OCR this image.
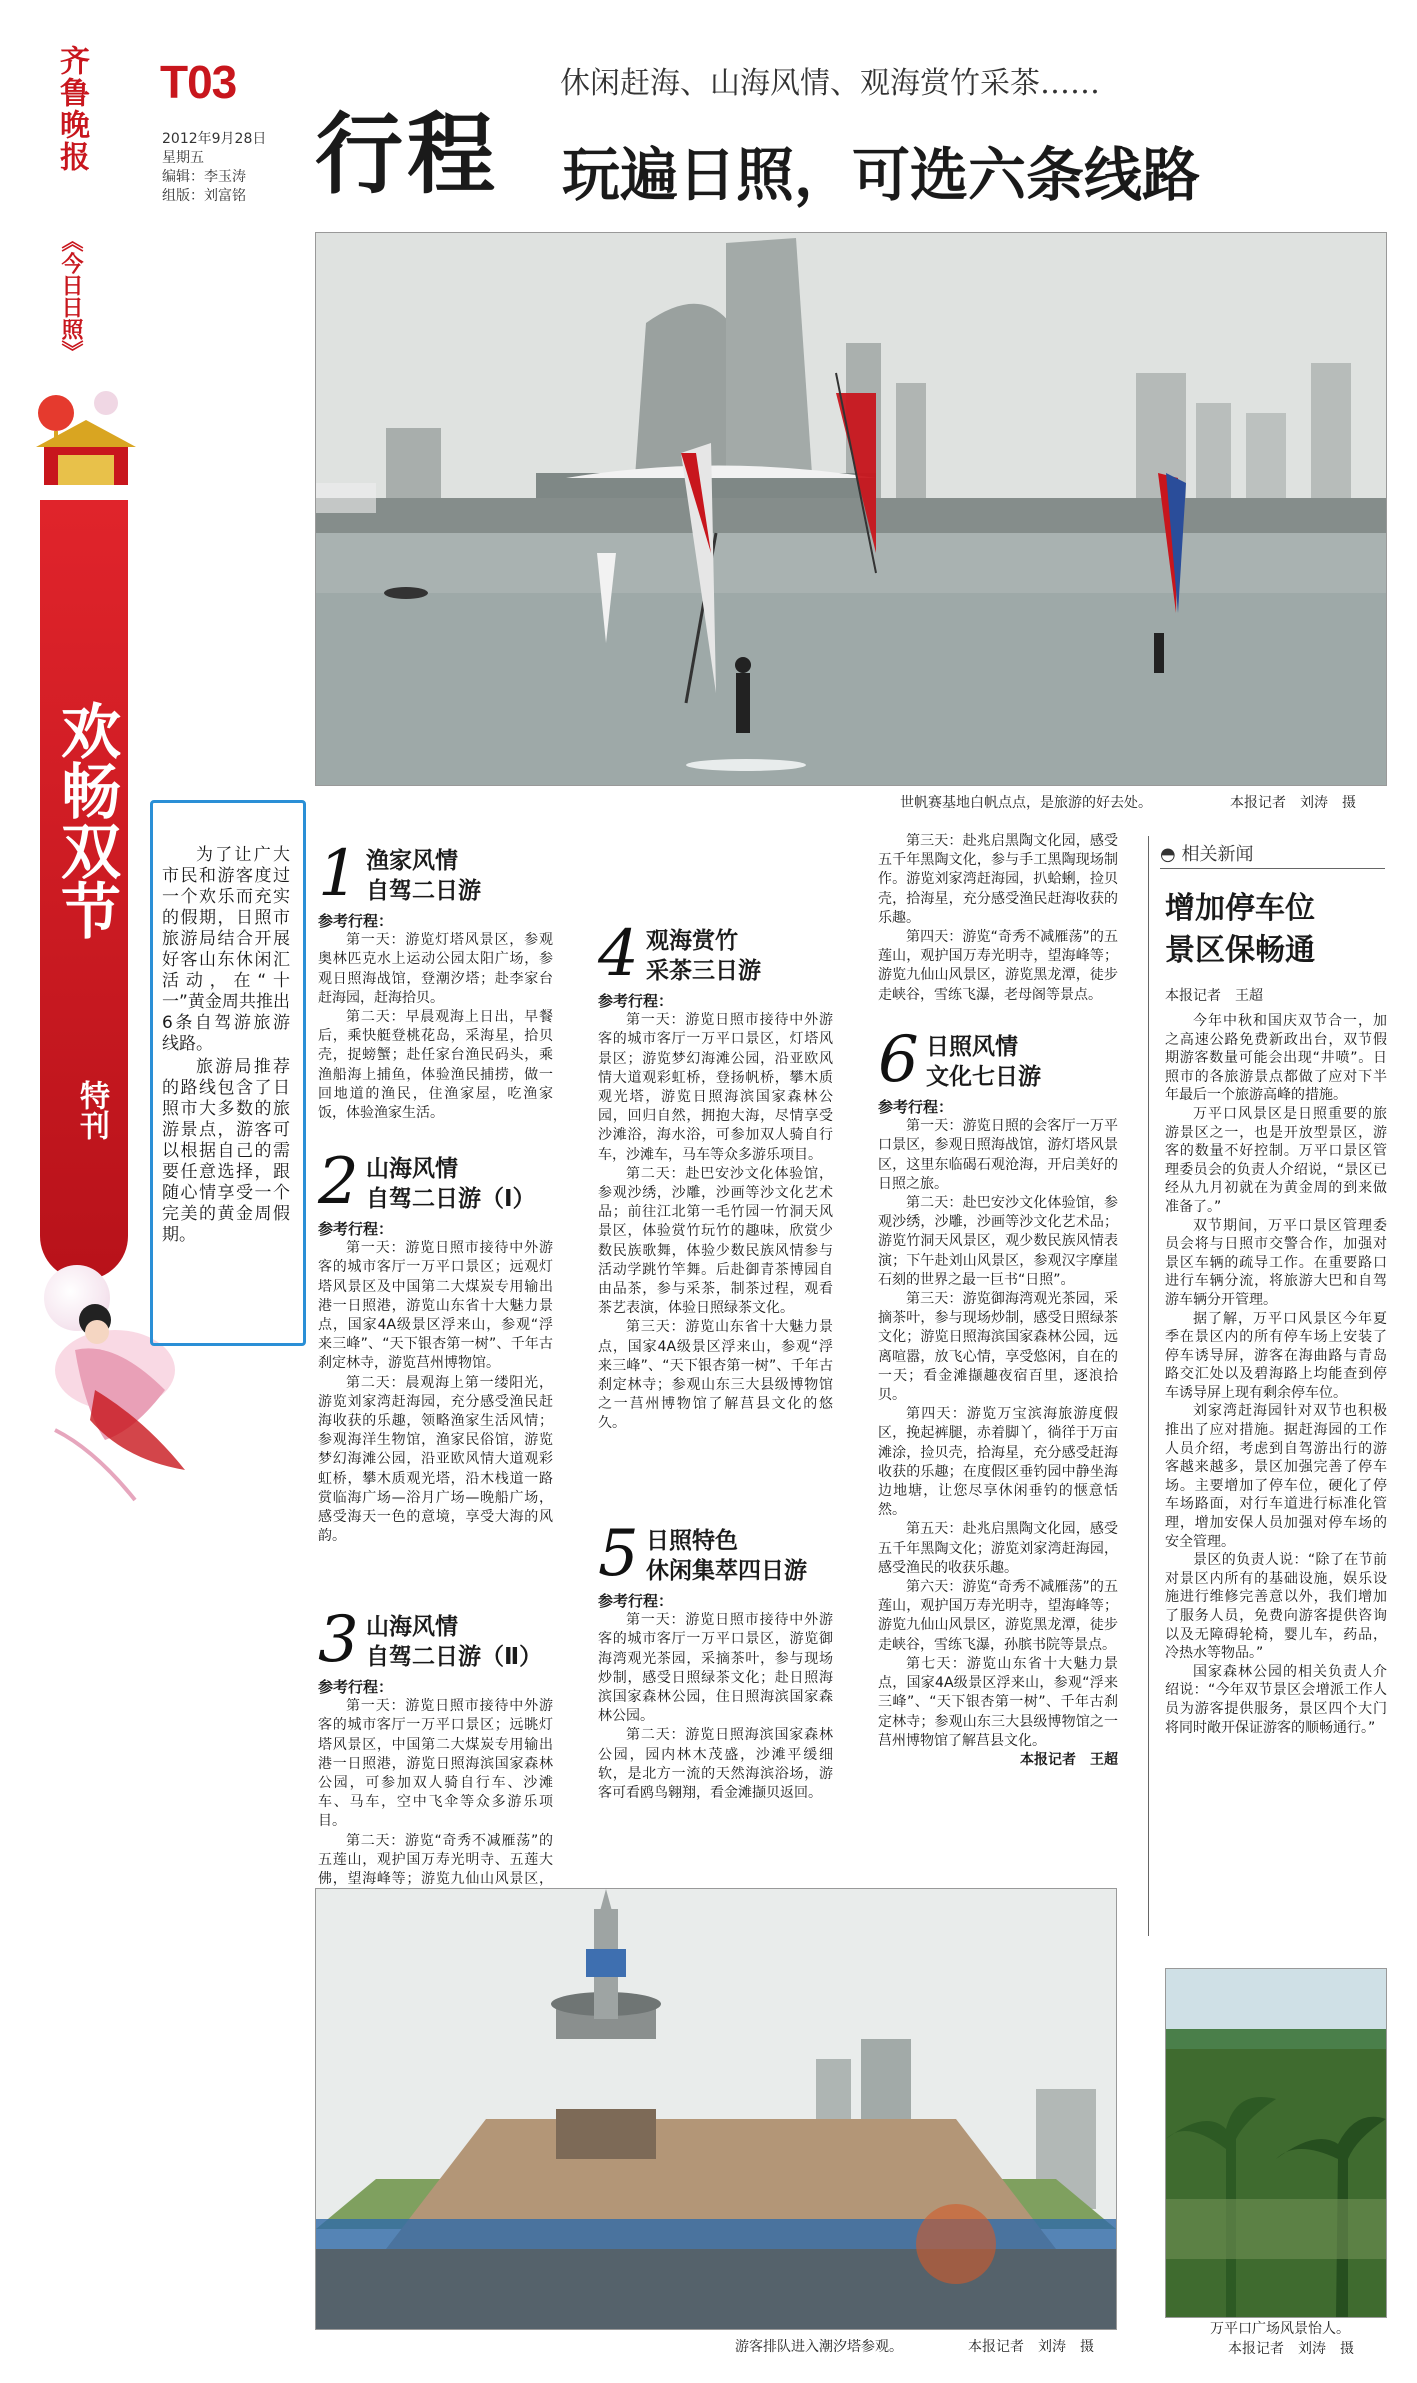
齐鲁晚报
《今日日照》
欢畅双节
特刊
T03
2012年9月28日
星期五
编辑：李玉涛
组版：刘富铭
休闲赶海、山海风情、观海赏竹采茶……
行程 玩遍日照，可选六条线路
世帆赛基地白帆点点，是旅游的好去处。	本报记者　刘涛　摄

为了让广大市民和游客度过一个欢乐而充实的假期，日照市旅游局结合开展好客山东休闲汇活动，在“十一”黄金周共推出6条自驾游旅游线路。

旅游局推荐的路线包含了日照市大多数的旅游景点，游客可以根据自己的需要任意选择，跟随心情享受一个完美的黄金周假期。

1 渔家风情
自驾二日游
参考行程：

第一天：游览灯塔风景区，参观奥林匹克水上运动公园太阳广场，参观日照海战馆，登潮汐塔；赴李家台赶海园，赶海拾贝。

第二天：早晨观海上日出，早餐后，乘快艇登桃花岛，采海星，拾贝壳，捉螃蟹；赴任家台渔民码头，乘渔船海上捕鱼，体验渔民捕捞，做一回地道的渔民，住渔家屋，吃渔家饭，体验渔家生活。

2 山海风情
自驾二日游（Ⅰ）
参考行程：

第一天：游览日照市接待中外游客的城市客厅一万平口景区；远观灯塔风景区及中国第二大煤炭专用输出港一日照港，游览山东省十大魅力景点，国家4A级景区浮来山，参观“浮来三峰”、“天下银杏第一树”、千年古刹定林寺，游览莒州博物馆。

第二天：晨观海上第一缕阳光，游览刘家湾赶海园，充分感受渔民赶海收获的乐趣，领略渔家生活风情；参观海洋生物馆，渔家民俗馆，游览梦幻海滩公园，沿亚欧风情大道观彩虹桥，攀木质观光塔，沿木栈道一路赏临海广场—浴月广场—晚船广场，感受海天一色的意境，享受大海的风韵。

3 山海风情
自驾二日游（Ⅱ）
参考行程：

第一天：游览日照市接待中外游客的城市客厅一万平口景区；远眺灯塔风景区，中国第二大煤炭专用输出港一日照港，游览日照海滨国家森林公园，可参加双人骑自行车、沙滩车、马车，空中飞伞等众多游乐项目。

第二天：游览“奇秀不减雁荡”的五莲山，观护国万寿光明寺、五莲大佛，望海峰等；游览九仙山风景区，

4 观海赏竹
采茶三日游
参考行程：

第一天：游览日照市接待中外游客的城市客厅一万平口景区，灯塔风景区；游览梦幻海滩公园，沿亚欧风情大道观彩虹桥，登扬帆桥，攀木质观光塔，游览日照海滨国家森林公园，回归自然，拥抱大海，尽情享受沙滩浴，海水浴，可参加双人骑自行车，沙滩车，马车等众多游乐项目。

第二天：赴巴安沙文化体验馆，参观沙绣，沙雕，沙画等沙文化艺术品；前往江北第一毛竹园一竹洞天风景区，体验赏竹玩竹的趣味，欣赏少数民族歌舞，体验少数民族风情参与活动学跳竹竿舞。后赴御青茶博园自由品茶，参与采茶，制茶过程，观看茶艺表演，体验日照绿茶文化。

第三天：游览山东省十大魅力景点，国家4A级景区浮来山，参观“浮来三峰”、“天下银杏第一树”、千年古刹定林寺；参观山东三大县级博物馆之一莒州博物馆了解莒县文化的悠久。

5 日照特色
休闲集萃四日游
参考行程：

第一天：游览日照市接待中外游客的城市客厅一万平口景区，游览御海湾观光茶园，采摘茶叶，参与现场炒制，感受日照绿茶文化；赴日照海滨国家森林公园，住日照海滨国家森林公园。

第二天：游览日照海滨国家森林公园，园内林木茂盛，沙滩平缓细软，是北方一流的天然海滨浴场，游客可看鸥鸟翱翔，看金滩撷贝返回。

第三天：赴兆启黑陶文化园，感受五千年黑陶文化，参与手工黑陶现场制作。游览刘家湾赶海园，扒蛤蜊，捡贝壳，拾海星，充分感受渔民赶海收获的乐趣。

第四天：游览“奇秀不减雁荡”的五莲山，观护国万寿光明寺，望海峰等；游览九仙山风景区，游览黑龙潭，徒步走峡谷，雪练飞瀑，老母阁等景点。

6 日照风情
文化七日游
参考行程：

第一天：游览日照的会客厅一万平口景区，参观日照海战馆，游灯塔风景区，这里东临碣石观沧海，开启美好的日照之旅。

第二天：赴巴安沙文化体验馆，参观沙绣，沙雕，沙画等沙文化艺术品；游览竹洞天风景区，观少数民族风情表演；下午赴刘山风景区，参观汉字摩崖石刻的世界之最一巨书“日照”。

第三天：游览御海湾观光茶园，采摘茶叶，参与现场炒制，感受日照绿茶文化；游览日照海滨国家森林公园，远离喧嚣，放飞心情，享受悠闲，自在的一天；看金滩撷趣夜宿百里，逐浪拾贝。

第四天：游览万宝滨海旅游度假区，挽起裤腿，赤着脚丫，徜徉于万亩滩涂，捡贝壳，拾海星，充分感受赶海收获的乐趣；在度假区垂钓园中静坐海边地塘，让您尽享休闲垂钓的惬意恬然。

第五天：赴兆启黑陶文化园，感受五千年黑陶文化；游览刘家湾赶海园，感受渔民的收获乐趣。

第六天：游览“奇秀不减雁荡”的五莲山，观护国万寿光明寺，望海峰等；游览九仙山风景区，游览黑龙潭，徒步走峡谷，雪练飞瀑，孙膑书院等景点。

第七天：游览山东省十大魅力景点，国家4A级景区浮来山，参观“浮来三峰”、“天下银杏第一树”、千年古刹定林寺；参观山东三大县级博物馆之一莒州博物馆了解莒县文化。

本报记者　王超
◓ 相关新闻
增加停车位
景区保畅通
本报记者　王超

今年中秋和国庆双节合一，加之高速公路免费新政出台，双节假期游客数量可能会出现“井喷”。日照市的各旅游景点都做了应对下半年最后一个旅游高峰的措施。

万平口风景区是日照重要的旅游景区之一，也是开放型景区，游客的数量不好控制。万平口景区管理委员会的负责人介绍说，“景区已经从九月初就在为黄金周的到来做准备了。”

双节期间，万平口景区管理委员会将与日照市交警合作，加强对景区车辆的疏导工作。在重要路口进行车辆分流，将旅游大巴和自驾游车辆分开管理。

据了解，万平口风景区今年夏季在景区内的所有停车场上安装了停车诱导屏，游客在海曲路与青岛路交汇处以及碧海路上均能查到停车诱导屏上现有剩余停车位。

刘家湾赶海园针对双节也积极推出了应对措施。据赶海园的工作人员介绍，考虑到自驾游出行的游客越来越多，景区加强完善了停车场。主要增加了停车位，硬化了停车场路面，对行车道进行标准化管理，增加安保人员加强对停车场的安全管理。

景区的负责人说：“除了在节前对景区内所有的基础设施，娱乐设施进行维修完善意以外，我们增加了服务人员，免费向游客提供咨询以及无障碍轮椅，婴儿车，药品，冷热水等物品。”

国家森林公园的相关负责人介绍说：“今年双节景区会增派工作人员为游客提供服务，景区四个大门将同时敞开保证游客的顺畅通行。”

游客排队进入潮汐塔参观。	本报记者　刘涛　摄
万平口广场风景怡人。
本报记者　刘涛　摄
